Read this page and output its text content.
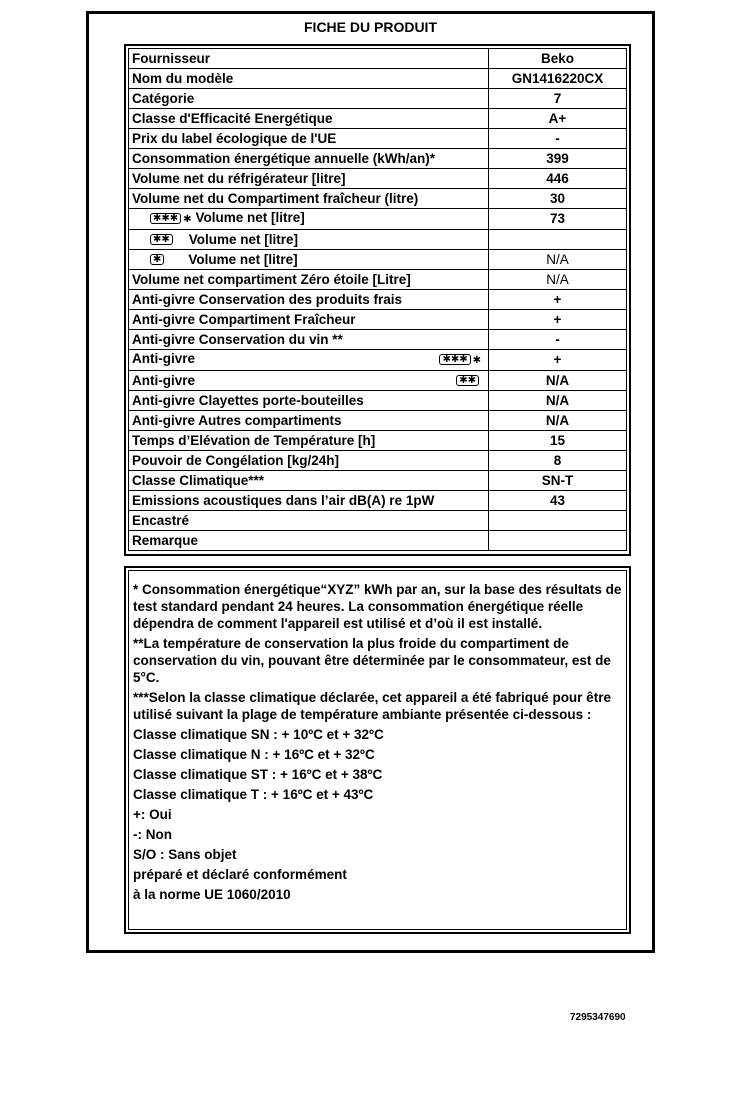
FICHE DU PRODUIT
Fournisseur	Beko
Nom du modèle	GN1416220CX
Catégorie	7
Classe d'Efficacité Energétique	A+
Prix du label écologique de l'UE	-
Consommation énergétique annuelle (kWh/an)*	399
Volume net du réfrigérateur [litre]	446
Volume net du Compartiment fraîcheur (litre)	30
✱✱✱ ✱ Volume net [litre]	73
✱✱ Volume net [litre]	
✱ Volume net [litre]	N/A
Volume net compartiment Zéro étoile [Litre]	N/A
Anti-givre Conservation des produits frais	+
Anti-givre Compartiment Fraîcheur	+
Anti-givre Conservation du vin **	-
Anti-givre ✱✱✱ ✱	+
Anti-givre ✱✱	N/A
Anti-givre Clayettes porte-bouteilles	N/A
Anti-givre Autres compartiments	N/A
Temps d’Elévation de Température [h]	15
Pouvoir de Congélation [kg/24h]	8
Classe Climatique***	SN-T
Emissions acoustiques dans l’air dB(A) re 1pW	43
Encastré	
Remarque	

* Consommation énergétique“XYZ” kWh par an, sur la base des résultats de test standard pendant 24 heures. La consommation énergétique réelle dépendra de comment l'appareil est utilisé et d’où il est installé.

**La température de conservation la plus froide du compartiment de conservation du vin, pouvant être déterminée par le consommateur, est de 5°C.

***Selon la classe climatique déclarée, cet appareil a été fabriqué pour être utilisé suivant la plage de température ambiante présentée ci-dessous :

Classe climatique SN : + 10ºC et + 32ºC
Classe climatique N : + 16ºC et + 32ºC
Classe climatique ST : + 16ºC et + 38ºC
Classe climatique T : + 16ºC et + 43ºC
+: Oui
-: Non
S/O : Sans objet
préparé et déclaré conformément
à la norme UE 1060/2010
7295347690
